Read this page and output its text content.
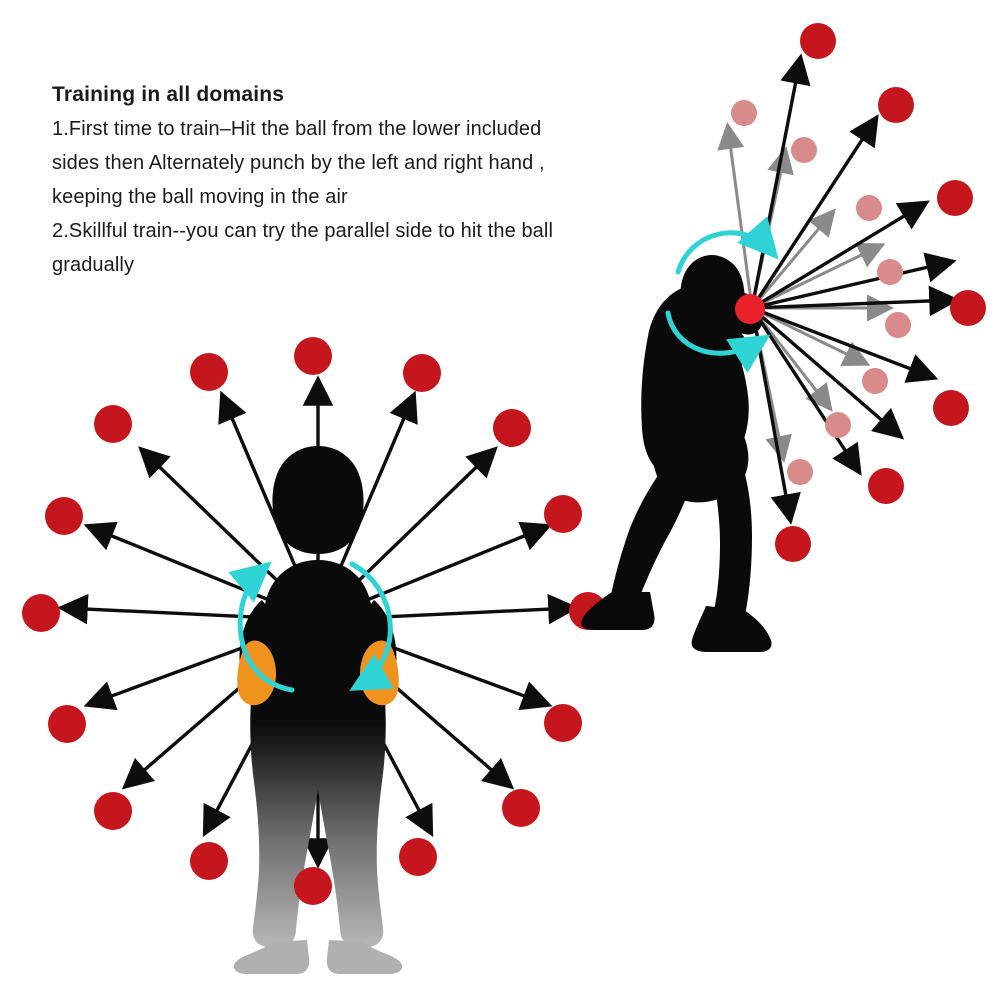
Training in all domains
1.First time to train–Hit the ball from the lower included
sides then Alternately punch by the left and right hand ,
keeping the ball moving in the air
2.Skillful train--you can try the parallel side to hit the ball
gradually
